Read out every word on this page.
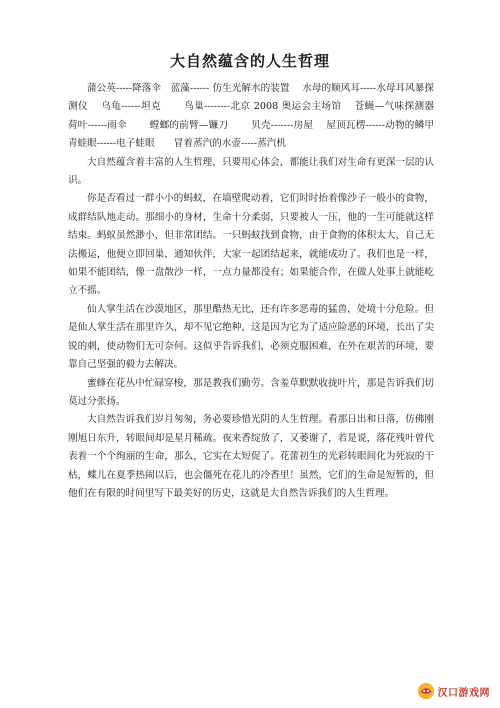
大自然蕴含的人生哲理

蒲公英-----降落伞　蓝藻------ 仿生光解水的装置　 水母的顺风耳-----水母耳风暴探测仪　 乌龟------坦克　　 鸟巢--------北京 2008 奥运会主场馆　 苍蝇—气味探测器　荷叶------雨伞　　 螳螂的前臂—镰刀　　 贝壳-------房屋　 屋顶瓦楞------动物的鳞甲　青蛙眼------电子蛙眼　　冒着蒸汽的水壶-----蒸汽机

大自然蕴含着丰富的人生哲理，只要用心体会，都能让我们对生命有更深一层的认识。

你是否看过一群小小的蚂蚁，在墙壁爬动着，它们时时抬着像沙子一般小的食物，成群结队地走动。那细小的身材，生命十分柔弱，只要被人一压，他的一生可能就这样结束。蚂蚁虽然渺小，但非常团结。一只蚂蚁找到食物，由于食物的体积太大，自己无法搬运，他便立即回巢，通知伙伴，大家一起团结起来，就能成功了。我们也是一样，如果不能团结，像一盘散沙一样，一点力量都没有；如果能合作，在做人处事上就能屹立不摇。

仙人掌生活在沙漠地区，那里酷热无比，还有许多恶毒的猛兽，处境十分危险。但是仙人掌生活在那里许久，却不见它绝种，这是因为它为了适应险恶的环境，长出了尖锐的刺，使动物们无可奈何。这似乎告诉我们，必须克服困难，在外在艰苦的环境，要靠自己坚强的毅力去解决。

蜜蜂在花丛中忙碌穿梭，那是教我们勤劳。含羞草默默收拢叶片，那是告诉我们切莫过分张扬。

大自然告诉我们岁月匆匆，务必要珍惜光阴的人生哲理。看那日出和日落，仿佛刚刚旭日东升，转眼间却是星月稀疏。夜来香绽放了，又萎谢了，若是说，落花残叶曾代表着一个个绚丽的生命，那么，它实在太短促了。花蕾初生的光彩转眼间化为死寂的干枯，蝶儿在夏季热闹以后，也会僵死在花儿的冷香里！虽然，它们的生命是短暂的，但他们在有限的时间里写下最美好的历史，这就是大自然告诉我们的人生哲理。

汉口游戏网
